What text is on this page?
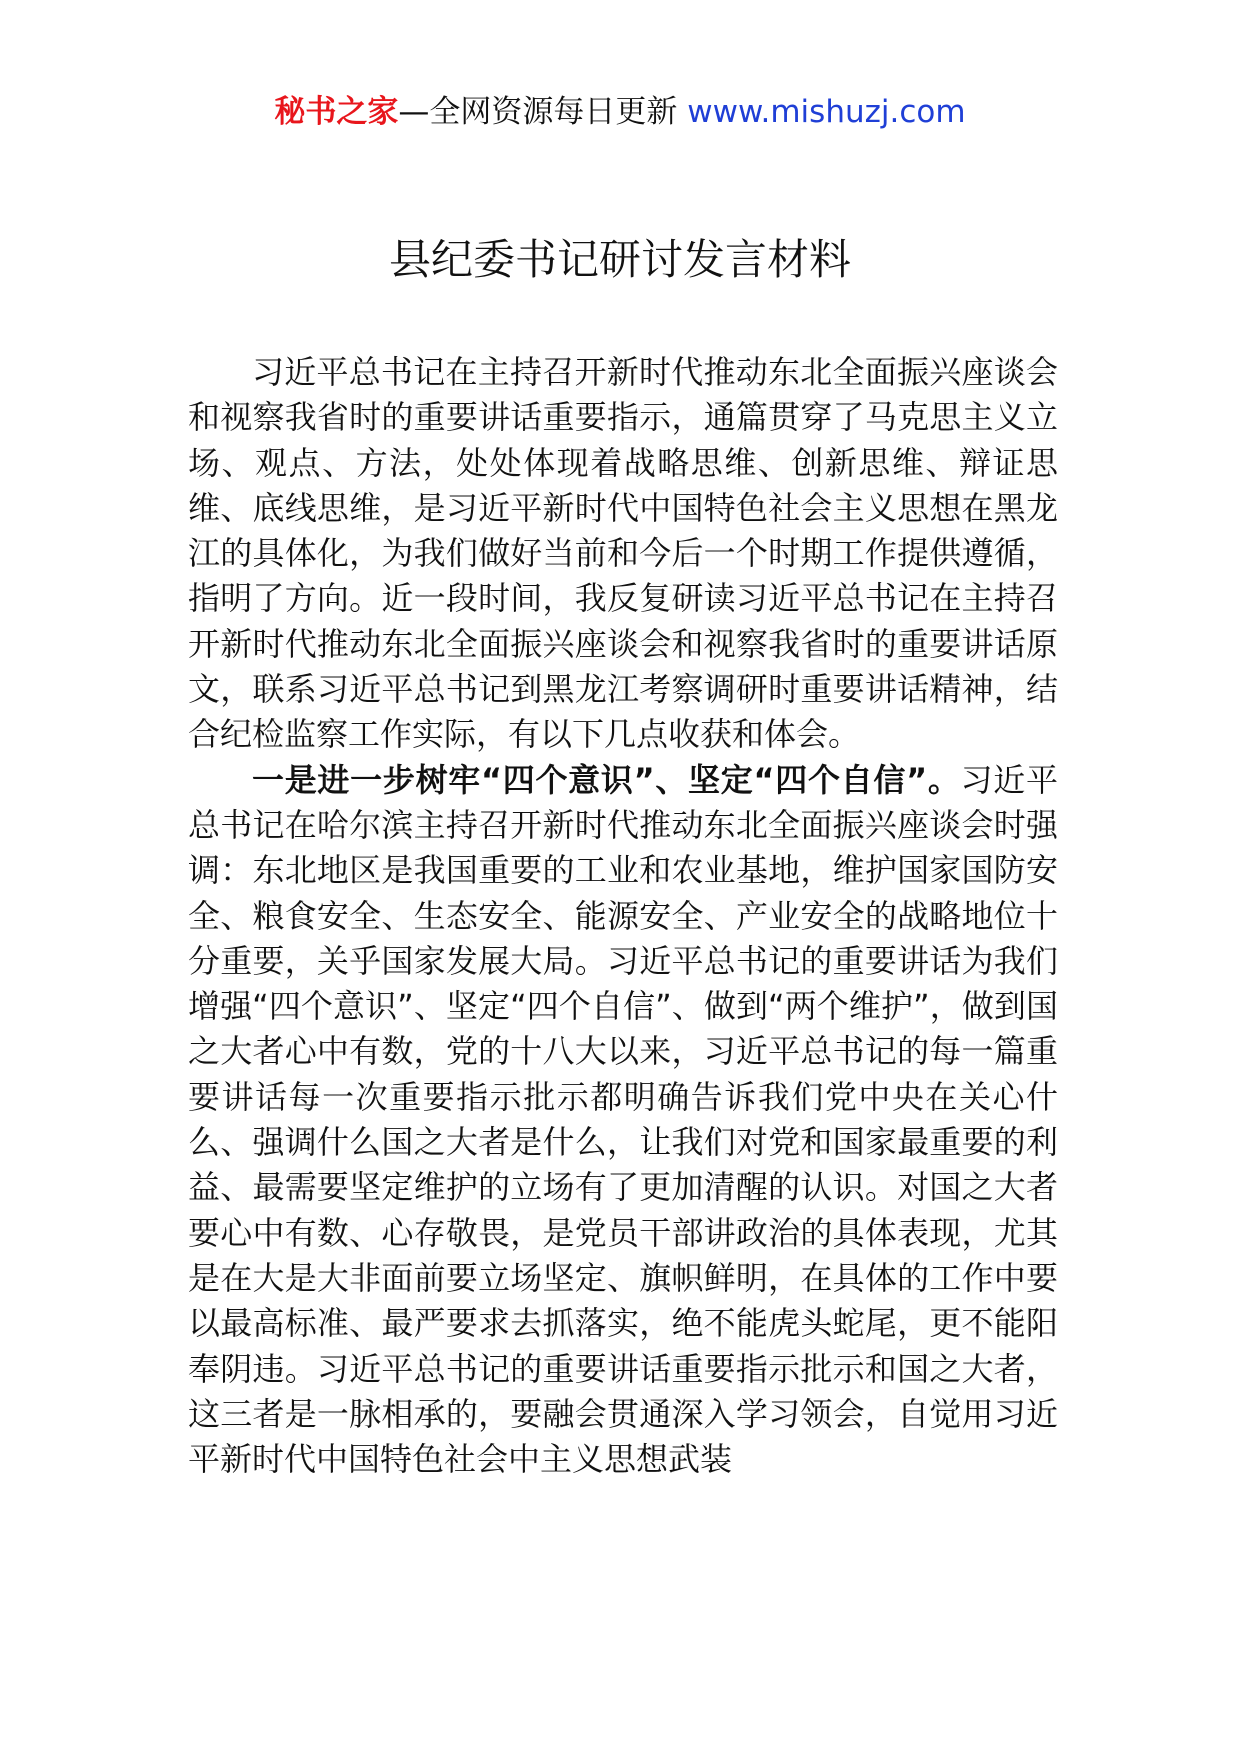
秘书之家—全网资源每日更新 www.mishuzj.com
县纪委书记研讨发言材料

习近平总书记在主持召开新时代推动东北全面振兴座谈会和视察我省时的重要讲话重要指示，通篇贯穿了马克思主义立场、观点、方法，处处体现着战略思维、创新思维、辩证思维、底线思维，是习近平新时代中国特色社会主义思想在黑龙江的具体化，为我们做好当前和今后一个时期工作提供遵循，指明了方向。近一段时间，我反复研读习近平总书记在主持召开新时代推动东北全面振兴座谈会和视察我省时的重要讲话原文，联系习近平总书记到黑龙江考察调研时重要讲话精神，结合纪检监察工作实际，有以下几点收获和体会。

一是进一步树牢“四个意识”、坚定“四个自信”。习近平总书记在哈尔滨主持召开新时代推动东北全面振兴座谈会时强调：东北地区是我国重要的工业和农业基地，维护国家国防安全、粮食安全、生态安全、能源安全、产业安全的战略地位十分重要，关乎国家发展大局。习近平总书记的重要讲话为我们增强“四个意识”、坚定“四个自信”、做到“两个维护”，做到国之大者心中有数，党的十八大以来，习近平总书记的每一篇重要讲话每一次重要指示批示都明确告诉我们党中央在关心什么、强调什么国之大者是什么，让我们对党和国家最重要的利益、最需要坚定维护的立场有了更加清醒的认识。对国之大者要心中有数、心存敬畏，是党员干部讲政治的具体表现，尤其是在大是大非面前要立场坚定、旗帜鲜明，在具体的工作中要以最高标准、最严要求去抓落实，绝不能虎头蛇尾，更不能阳奉阴违。习近平总书记的重要讲话重要指示批示和国之大者，这三者是一脉相承的，要融会贯通深入学习领会，自觉用习近平新时代中国特色社会中主义思想武装
